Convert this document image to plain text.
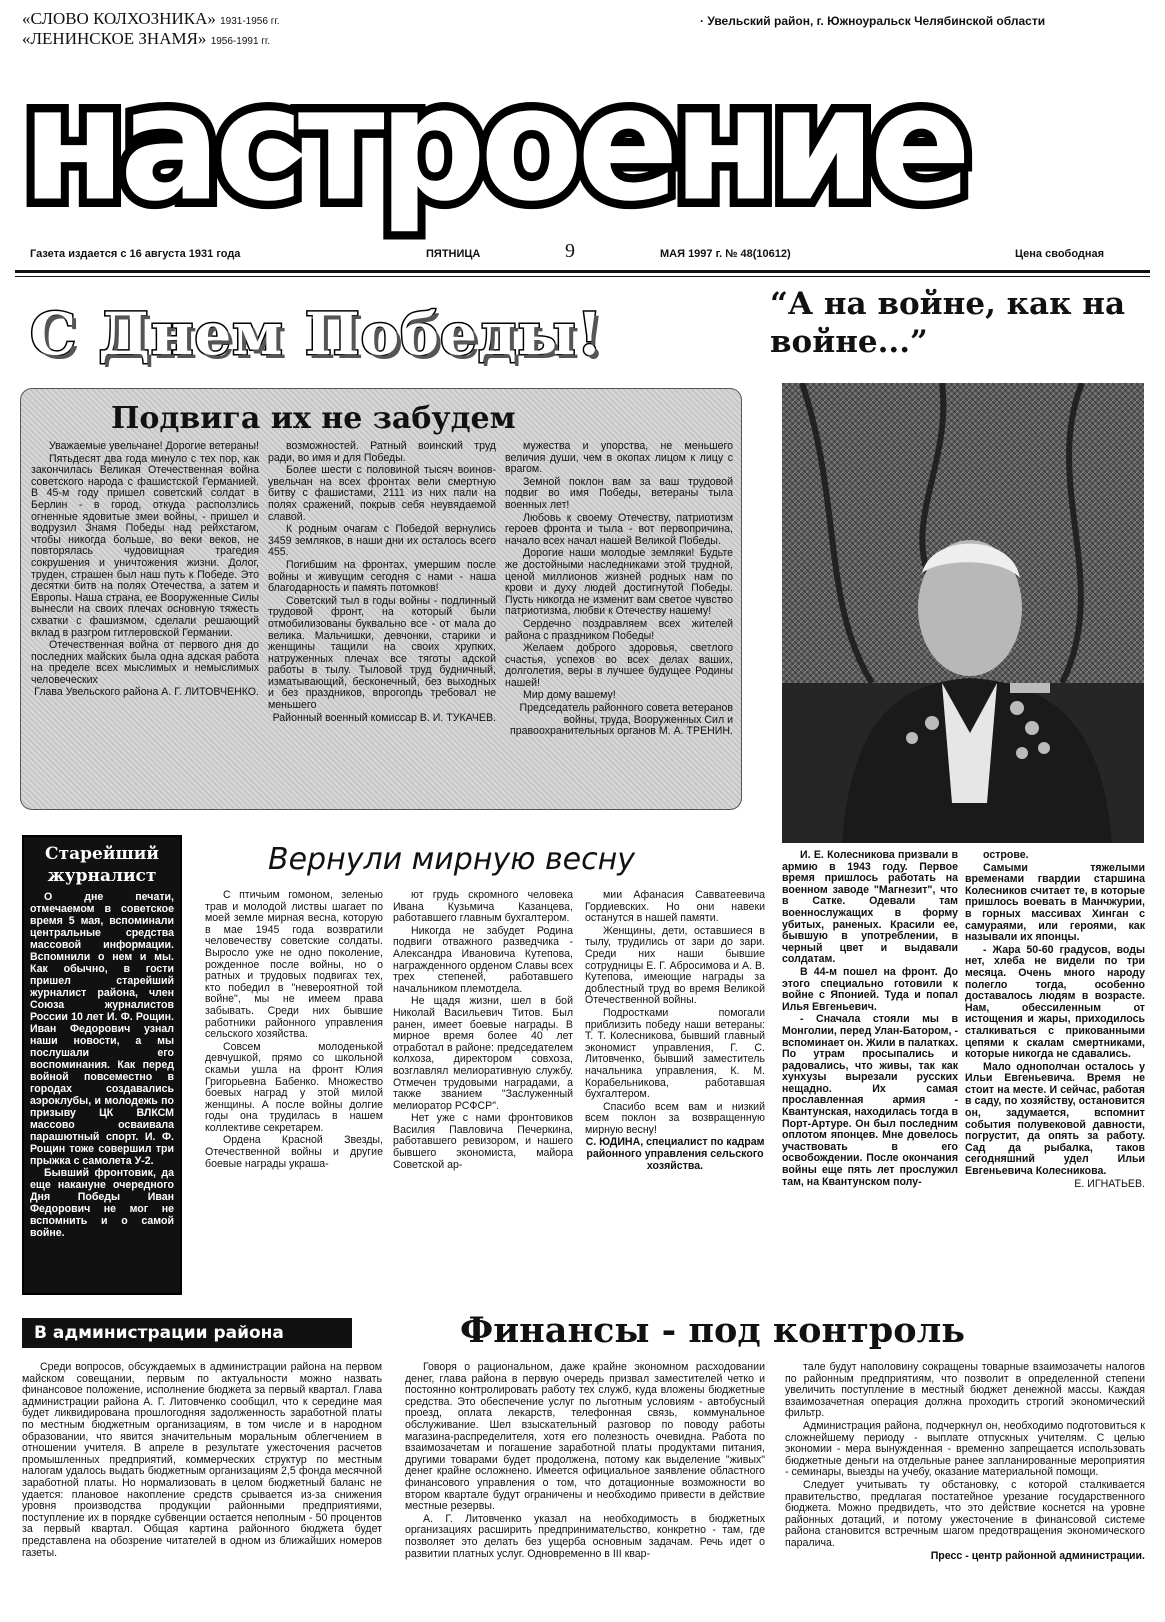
«СЛОВО КОЛХОЗНИКА» 1931-1956 гг.
«ЛЕНИНСКОЕ ЗНАМЯ» 1956-1991 гг.
· Увельский район, г. Южноуральск Челябинской области
настроение
Газета издается с 16 августа 1931 года	ПЯТНИЦА	9	МАЯ 1997 г. № 48(10612)	Цена свободная
С Днем Победы!	“А на войне, как на войне...”
Подвига их не забудем

Уважаемые увельчане! Дорогие ветераны!

Пятьдесят два года минуло с тех пор, как закончилась Великая Отечественная война советского народа с фашистской Германией. В 45-м году пришел советский солдат в Берлин - в город, откуда расползлись огненные ядовитые змеи войны, - пришел и водрузил Знамя Победы над рейхстагом, чтобы никогда больше, во веки веков, не повторялась чудовищная трагедия сокрушения и уничтожения жизни. Долог, труден, страшен был наш путь к Победе. Это десятки битв на полях Отечества, а затем и Европы. Наша страна, ее Вооруженные Силы вынесли на своих плечах основную тяжесть схватки с фашизмом, сделали решающий вклад в разгром гитлеровской Германии.

Отечественная война от первого дня до последних майских была одна адская работа на пределе всех мыслимых и немыслимых человеческих

Глава Увельского района А. Г. ЛИТОВЧЕНКО.

возможностей. Ратный воинский труд ради, во имя и для Победы.

Более шести с половиной тысяч воинов-увельчан на всех фронтах вели смертную битву с фашистами, 2111 из них пали на полях сражений, покрыв себя неувядаемой славой.

К родным очагам с Победой вернулись 3459 земляков, в наши дни их осталось всего 455.

Погибшим на фронтах, умершим после войны и живущим сегодня с нами - наша благодарность и память потомков!

Советский тыл в годы войны - подлинный трудовой фронт, на который были отмобилизованы буквально все - от мала до велика. Мальчишки, девчонки, старики и женщины тащили на своих хрупких, натруженных плечах все тяготы адской работы в тылу. Тыловой труд будничный, изматывающий, бесконечный, без выходных и без праздников, впрогопдь требовал не меньшего

Районный военный комиссар В. И. ТУКАЧЕВ.

мужества и упорства, не меньшего величия души, чем в окопах лицом к лицу с врагом.

Земной поклон вам за ваш трудовой подвиг во имя Победы, ветераны тыла военных лет!

Любовь к своему Отечеству, патриотизм героев фронта и тыла - вот первопричина, начало всех начал нашей Великой Победы.

Дорогие наши молодые земляки! Будьте же достойными наследниками этой трудной, ценой миллионов жизней родных нам по крови и духу людей достигнутой Победы. Пусть никогда не изменит вам светое чувство патриотизма, любви к Отечеству нашему!

Сердечно поздравляем всех жителей района с праздником Победы!

Желаем доброго здоровья, светлого счастья, успехов во всех делах ваших, долголетия, веры в лучшее будущее Родины нашей!

Мир дому вашему!

Председатель районного совета ветеранов войны, труда, Вооруженных Сил и правоохранительных органов М. А. ТРЕНИН.

И. Е. Колесникова призвали в армию в 1943 году. Первое время пришлось работать на военном заводе "Магнезит", что в Сатке. Одевали там военнослужащих в форму убитых, раненых. Красили ее, бывшую в употреблении, в черный цвет и выдавали солдатам.

В 44-м пошел на фронт. До этого специально готовили к войне с Японией. Туда и попал Илья Евгеньевич.

- Сначала стояли мы в Монголии, перед Улан-Батором, - вспоминает он. Жили в палатках. По утрам просыпались и радовались, что живы, так как хунхузы вырезали русских нещадно. Их самая прославленная армия - Квантунская, находилась тогда в Порт-Артуре. Он был последним оплотом японцев. Мне довелось участвовать в его освобождении. После окончания войны еще пять лет прослужил там, на Квантунском полу-

острове.

Самыми тяжелыми временами гвардии старшина Колесников считает те, в которые пришлось воевать в Манчжурии, в горных массивах Хинган с самураями, или героями, как называли их японцы.

- Жара 50-60 градусов, воды нет, хлеба не видели по три месяца. Очень много народу полегло тогда, особенно доставалось людям в возрасте. Нам, обессиленным от истощения и жары, приходилось сталкиваться с прикованными цепями к скалам смертниками, которые никогда не сдавались.

Мало однополчан осталось у Ильи Евгеньевича. Время не стоит на месте. И сейчас, работая в саду, по хозяйству, остановится он, задумается, вспомнит события полувековой давности, погрустит, да опять за работу. Сад да рыбалка, таков сегодняшний удел Ильи Евгеньевича Колесникова.

Е. ИГНАТЬЕВ.

Старейший журналист

О дне печати, отмечаемом в советское время 5 мая, вспоминали центральные средства массовой информации. Вспомнили о нем и мы. Как обычно, в гости пришел старейший журналист района, член Союза журналистов России 10 лет И. Ф. Рощин. Иван Федорович узнал наши новости, а мы послушали его воспоминания. Как перед войной повсеместно в городах создавались аэроклубы, и молодежь по призыву ЦК ВЛКСМ массово осваивала парашютный спорт. И. Ф. Рощин тоже совершил три прыжка с самолета У-2.

Бывший фронтовик, да еще накануне очередного Дня Победы Иван Федорович не мог не вспомнить и о самой войне.

Вернули мирную весну

С птичьим гомоном, зеленью трав и молодой листвы шагает по моей земле мирная весна, которую в мае 1945 года возвратили человечеству советские солдаты. Выросло уже не одно поколение, рожденное после войны, но о ратных и трудовых подвигах тех, кто победил в "невероятной той войне", мы не имеем права забывать. Среди них бывшие работники районного управления сельского хозяйства.

Совсем молоденькой девчушкой, прямо со школьной скамьи ушла на фронт Юлия Григорьевна Бабенко. Множество боевых наград у этой милой женщины. А после войны долгие годы она трудилась в нашем коллективе секретарем.

Ордена Красной Звезды, Отечественной войны и другие боевые награды украша-

ют грудь скромного человека Ивана Кузьмича Казанцева, работавшего главным бухгалтером.

Никогда не забудет Родина подвиги отважного разведчика - Александра Ивановича Кутепова, награжденного орденом Славы всех трех степеней, работавшего начальником племотдела.

Не щадя жизни, шел в бой Николай Васильевич Титов. Был ранен, имеет боевые награды. В мирное время более 40 лет отработал в районе: председателем колхоза, директором совхоза, возглавлял мелиоративную службу. Отмечен трудовыми наградами, а также званием "Заслуженный мелиоратор РСФСР".

Нет уже с нами фронтовиков Василия Павловича Печеркина, работавшего ревизором, и нашего бывшего экономиста, майора Советской ар-

мии Афанасия Савватеевича Гордиевских. Но они навеки останутся в нашей памяти.

Женщины, дети, оставшиеся в тылу, трудились от зари до зари. Среди них наши бывшие сотрудницы Е. Г. Абросимова и А. В. Кутепова, имеющие награды за доблестный труд во время Великой Отечественной войны.

Подростками помогали приблизить победу наши ветераны: Т. Т. Колесникова, бывший главный экономист управления, Г. С. Литовченко, бывший заместитель начальника управления, К. М. Корабельникова, работавшая бухгалтером.

Спасибо всем вам и низкий всем поклон за возвращенную мирную весну!

С. ЮДИНА, специалист по кадрам районного управления сельского хозяйства.

В администрации района	Финансы - под контроль

Среди вопросов, обсуждаемых в администрации района на первом майском совещании, первым по актуальности можно назвать финансовое положение, исполнение бюджета за первый квартал. Глава администрации района А. Г. Литовченко сообщил, что к середине мая будет ликвидирована прошлогодняя задолженность заработной платы по местным бюджетным организациям, в том числе и в народном образовании, что явится значительным моральным облегчением в отношении учителя. В апреле в результате ужесточения расчетов промышленных предприятий, коммерческих структур по местным налогам удалось выдать бюджетным организациям 2,5 фонда месячной заработной платы. Но нормализовать в целом бюджетный баланс не удается: плановое накопление средств срывается из-за снижения уровня производства продукции районными предприятиями, поступление их в порядке субвенции остается неполным - 50 процентов за первый квартал. Общая картина районного бюджета будет представлена на обозрение читателей в одном из ближайших номеров газеты.

Говоря о рациональном, даже крайне экономном расходовании денег, глава района в первую очередь призвал заместителей четко и постоянно контролировать работу тех служб, куда вложены бюджетные средства. Это обеспечение услуг по льготным условиям - автобусный проезд, оплата лекарств, телефонная связь, коммунальное обслуживание. Шел взыскательный разговор по поводу работы магазина-распределителя, хотя его полезность очевидна. Работа по взаимозачетам и погашение заработной платы продуктами питания, другими товарами будет продолжена, потому как выделение "живых" денег крайне осложнено. Имеется официальное заявление областного финансового управления о том, что дотационные возможности во втором квартале будут ограничены и необходимо привести в действие местные резервы.

А. Г. Литовченко указал на необходимость в бюджетных организациях расширить предпринимательство, конкретно - там, где позволяет это делать без ущерба основным задачам. Речь идет о развитии платных услуг. Одновременно в III квар-

тале будут наполовину сокращены товарные взаимозачеты налогов по районным предприятиям, что позволит в определенной степени увеличить поступление в местный бюджет денежной массы. Каждая взаимозачетная операция должна проходить строгий экономический фильтр.

Администрация района, подчеркнул он, необходимо подготовиться к сложнейшему периоду - выплате отпускных учителям. С целью экономии - мера вынужденная - временно запрещается использовать бюджетные деньги на отдельные ранее запланированные мероприятия - семинары, выезды на учебу, оказание материальной помощи.

Следует учитывать ту обстановку, с которой сталкивается правительство, предлагая постатейное урезание государственного бюджета. Можно предвидеть, что это действие коснется на уровне районных дотаций, и потому ужесточение в финансовой системе района становится встречным шагом предотвращения экономического паралича.

Пресс - центр районной администрации.
